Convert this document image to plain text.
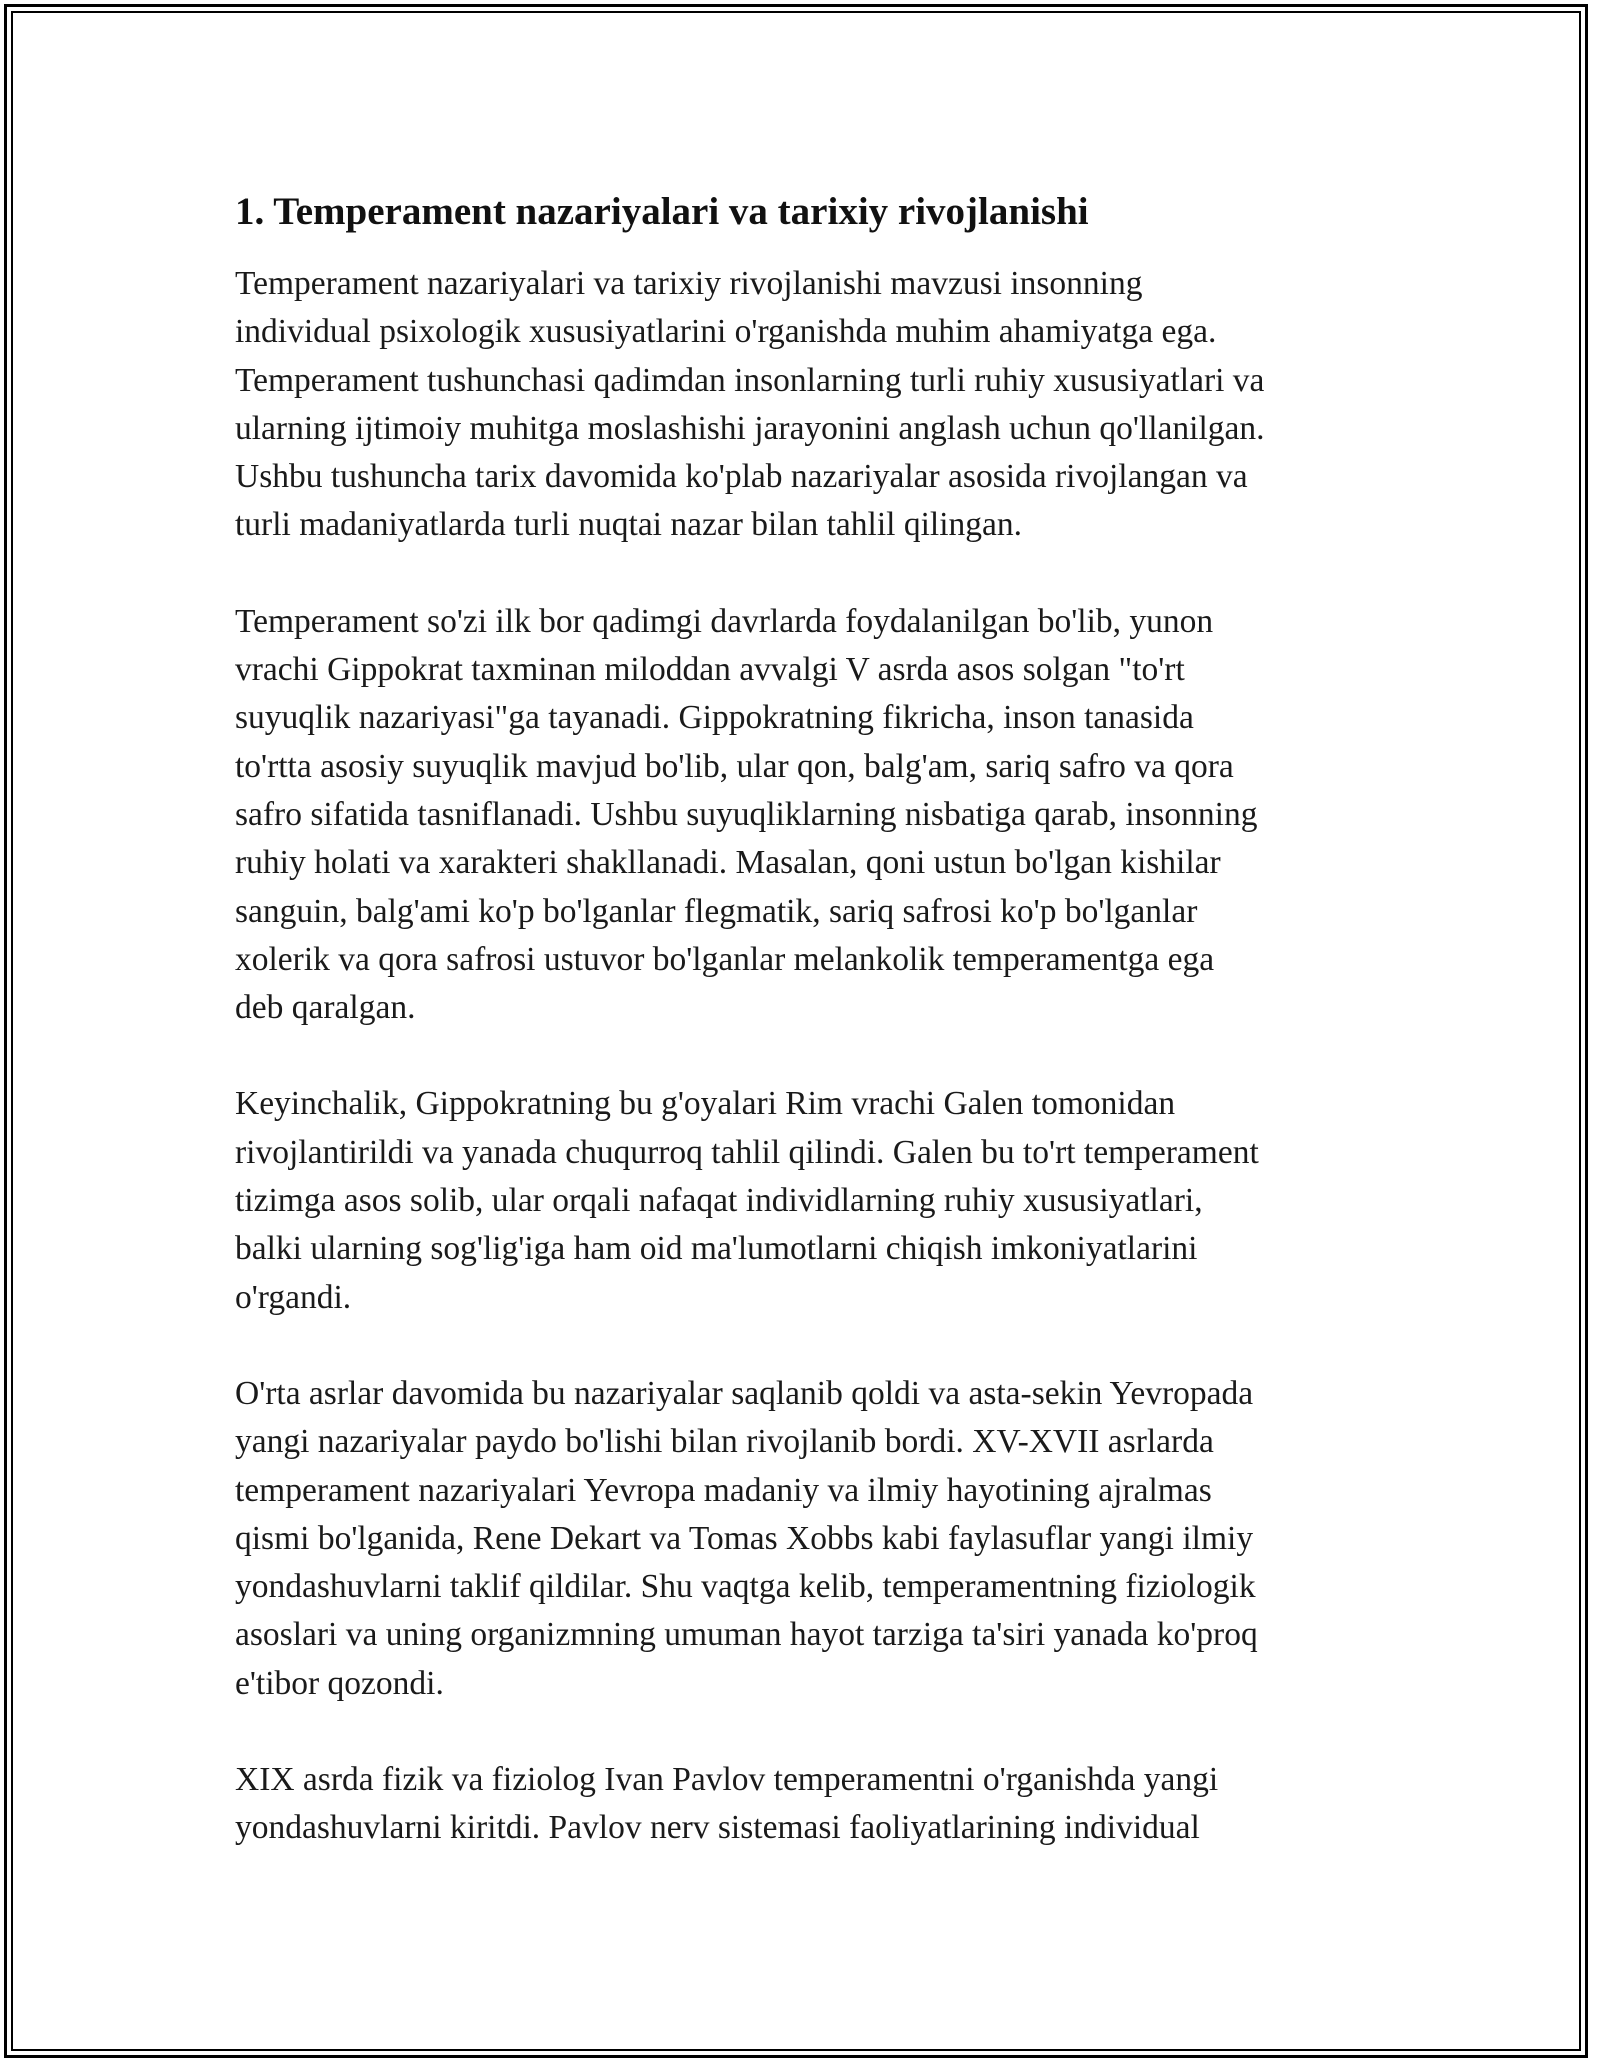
1. Temperament nazariyalari va tarixiy rivojlanishi

Temperament nazariyalari va tarixiy rivojlanishi mavzusi insonning
individual psixologik xususiyatlarini o'rganishda muhim ahamiyatga ega.
Temperament tushunchasi qadimdan insonlarning turli ruhiy xususiyatlari va
ularning ijtimoiy muhitga moslashishi jarayonini anglash uchun qo'llanilgan.
Ushbu tushuncha tarix davomida ko'plab nazariyalar asosida rivojlangan va
turli madaniyatlarda turli nuqtai nazar bilan tahlil qilingan.

Temperament so'zi ilk bor qadimgi davrlarda foydalanilgan bo'lib, yunon
vrachi Gippokrat taxminan miloddan avvalgi V asrda asos solgan "to'rt
suyuqlik nazariyasi"ga tayanadi. Gippokratning fikricha, inson tanasida
to'rtta asosiy suyuqlik mavjud bo'lib, ular qon, balg'am, sariq safro va qora
safro sifatida tasniflanadi. Ushbu suyuqliklarning nisbatiga qarab, insonning
ruhiy holati va xarakteri shakllanadi. Masalan, qoni ustun bo'lgan kishilar
sanguin, balg'ami ko'p bo'lganlar flegmatik, sariq safrosi ko'p bo'lganlar
xolerik va qora safrosi ustuvor bo'lganlar melankolik temperamentga ega
deb qaralgan.

Keyinchalik, Gippokratning bu g'oyalari Rim vrachi Galen tomonidan
rivojlantirildi va yanada chuqurroq tahlil qilindi. Galen bu to'rt temperament
tizimga asos solib, ular orqali nafaqat individlarning ruhiy xususiyatlari,
balki ularning sog'lig'iga ham oid ma'lumotlarni chiqish imkoniyatlarini
o'rgandi.

O'rta asrlar davomida bu nazariyalar saqlanib qoldi va asta-sekin Yevropada
yangi nazariyalar paydo bo'lishi bilan rivojlanib bordi. XV-XVII asrlarda
temperament nazariyalari Yevropa madaniy va ilmiy hayotining ajralmas
qismi bo'lganida, Rene Dekart va Tomas Xobbs kabi faylasuflar yangi ilmiy
yondashuvlarni taklif qildilar. Shu vaqtga kelib, temperamentning fiziologik
asoslari va uning organizmning umuman hayot tarziga ta'siri yanada ko'proq
e'tibor qozondi.

XIX asrda fizik va fiziolog Ivan Pavlov temperamentni o'rganishda yangi
yondashuvlarni kiritdi. Pavlov nerv sistemasi faoliyatlarining individual
